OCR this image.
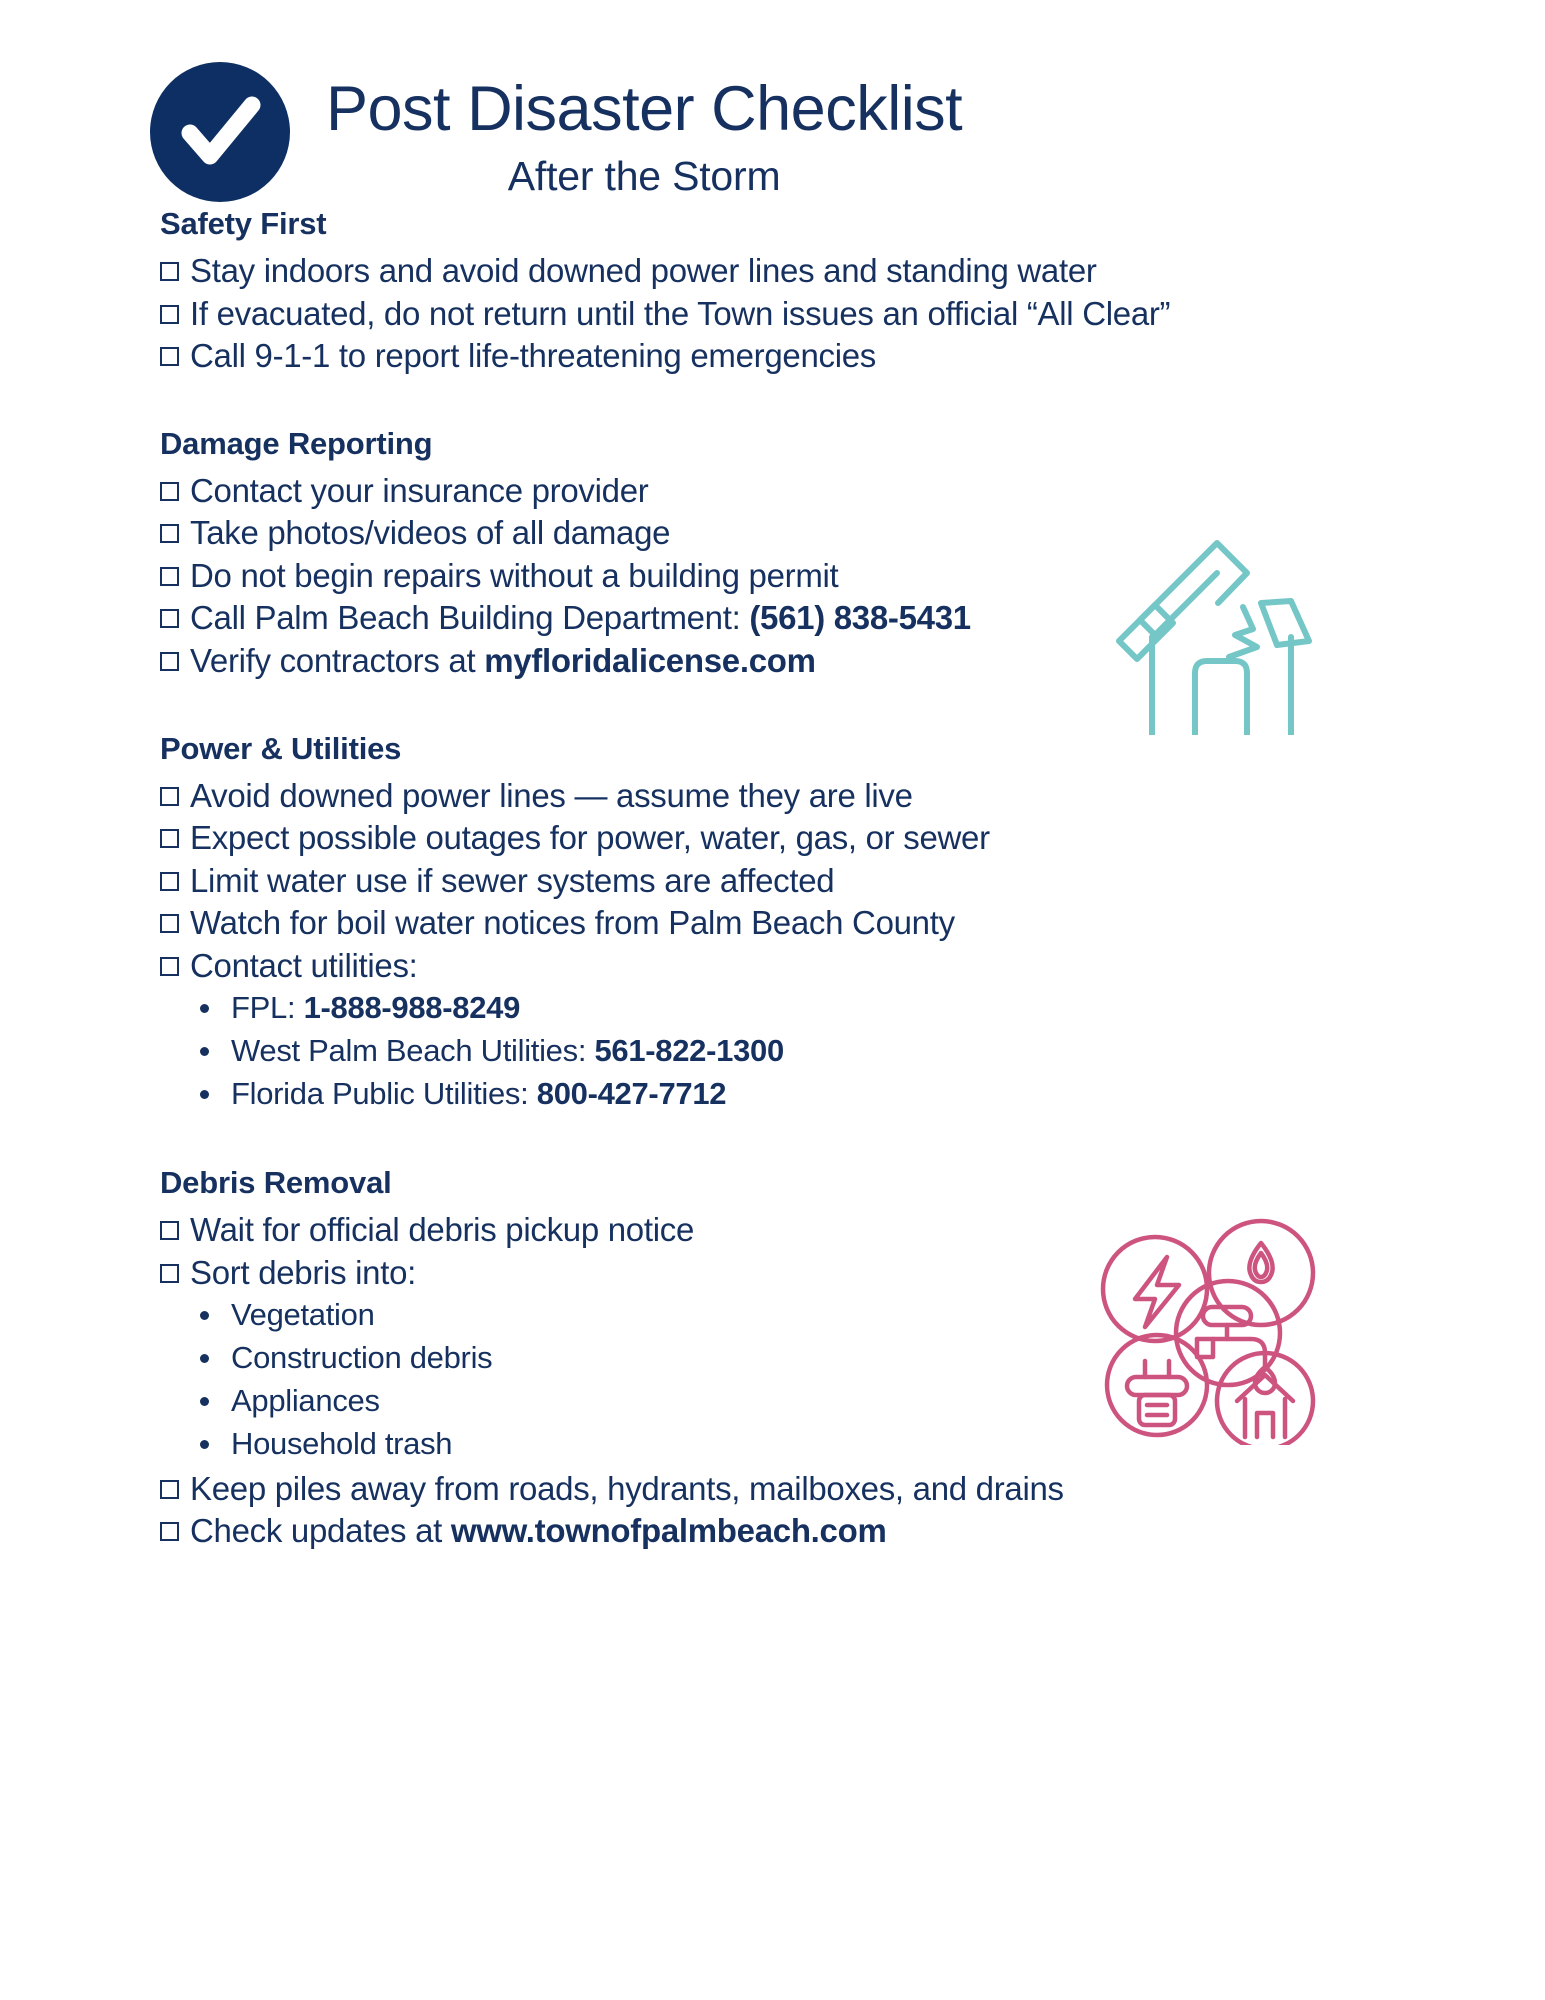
Post Disaster Checklist
After the Storm
Safety First
Stay indoors and avoid downed power lines and standing water
If evacuated, do not return until the Town issues an official “All Clear”
Call 9-1-1 to report life-threatening emergencies
Damage Reporting
Contact your insurance provider
Take photos/videos of all damage
Do not begin repairs without a building permit
Call Palm Beach Building Department: (561) 838-5431
Verify contractors at myfloridalicense.com
Power & Utilities
Avoid downed power lines — assume they are live
Expect possible outages for power, water, gas, or sewer
Limit water use if sewer systems are affected
Watch for boil water notices from Palm Beach County
Contact utilities:
FPL: 1-888-988-8249
West Palm Beach Utilities: 561-822-1300
Florida Public Utilities: 800-427-7712
Debris Removal
Wait for official debris pickup notice
Sort debris into:
Vegetation
Construction debris
Appliances
Household trash
Keep piles away from roads, hydrants, mailboxes, and drains
Check updates at www.townofpalmbeach.com
